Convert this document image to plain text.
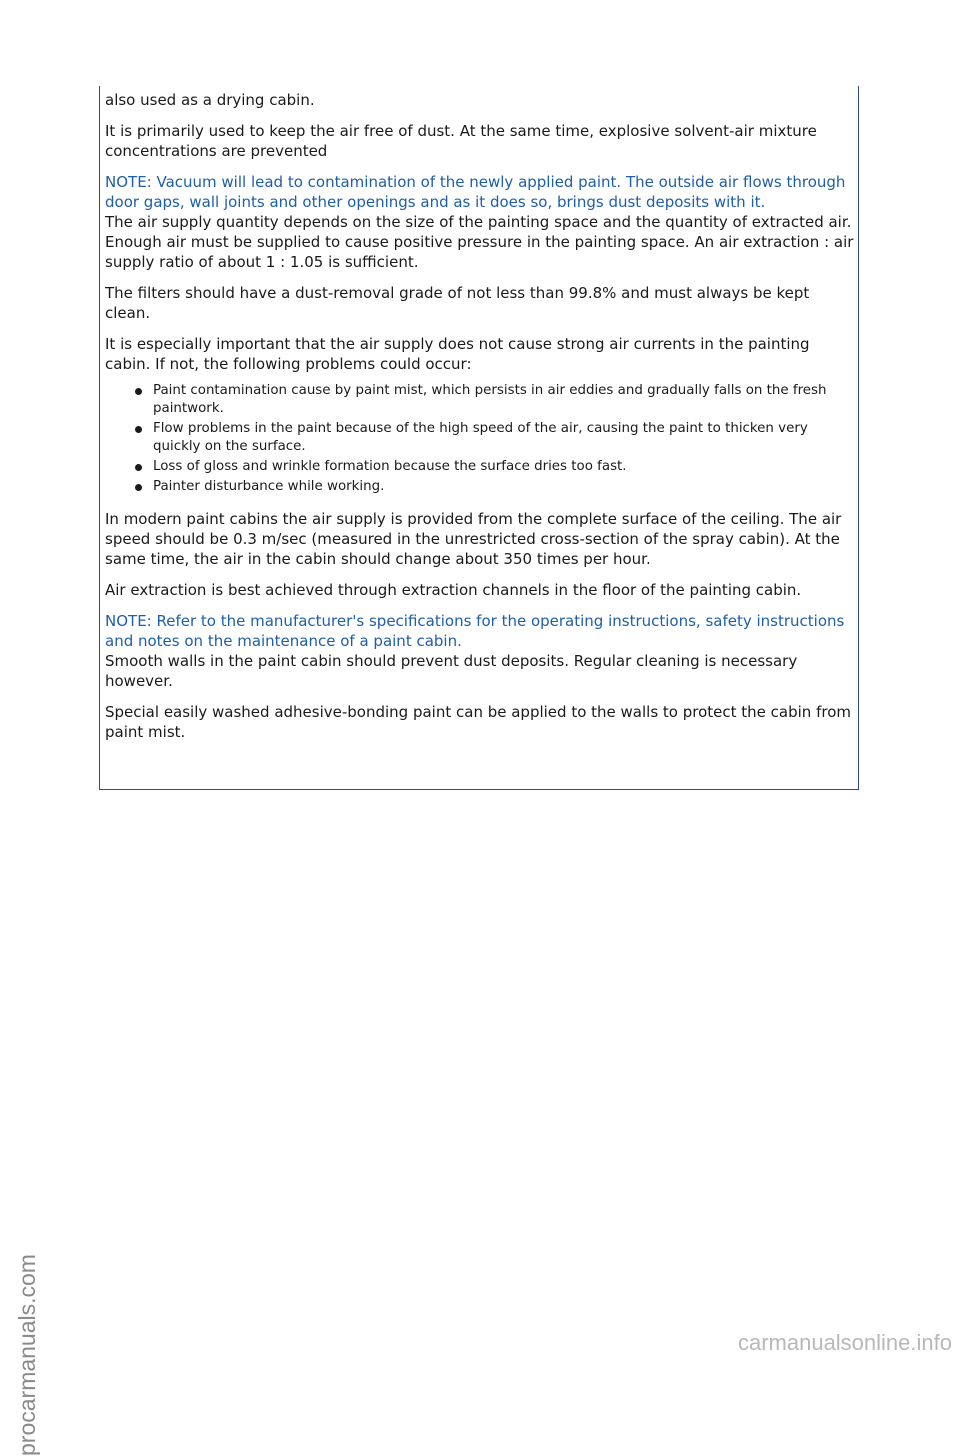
also used as a drying cabin.

It is primarily used to keep the air free of dust. At the same time, explosive solvent-air mixture concentrations are prevented

NOTE: Vacuum will lead to contamination of the newly applied paint. The outside air flows through door gaps, wall joints and other openings and as it does so, brings dust deposits with it.

The air supply quantity depends on the size of the painting space and the quantity of extracted air. Enough air must be supplied to cause positive pressure in the painting space. An air extraction : air supply ratio of about 1 : 1.05 is sufficient.

The filters should have a dust-removal grade of not less than 99.8% and must always be kept clean.

It is especially important that the air supply does not cause strong air currents in the painting cabin. If not, the following problems could occur:

Paint contamination cause by paint mist, which persists in air eddies and gradually falls on the fresh paintwork.
Flow problems in the paint because of the high speed of the air, causing the paint to thicken very quickly on the surface.
Loss of gloss and wrinkle formation because the surface dries too fast.
Painter disturbance while working.

In modern paint cabins the air supply is provided from the complete surface of the ceiling. The air speed should be 0.3 m/sec (measured in the unrestricted cross-section of the spray cabin). At the same time, the air in the cabin should change about 350 times per hour.

Air extraction is best achieved through extraction channels in the floor of the painting cabin.

NOTE: Refer to the manufacturer's specifications for the operating instructions, safety instructions and notes on the maintenance of a paint cabin.

Smooth walls in the paint cabin should prevent dust deposits. Regular cleaning is necessary however.

Special easily washed adhesive-bonding paint can be applied to the walls to protect the cabin from paint mist.

procarmanuals.com	carmanualsonline.info
